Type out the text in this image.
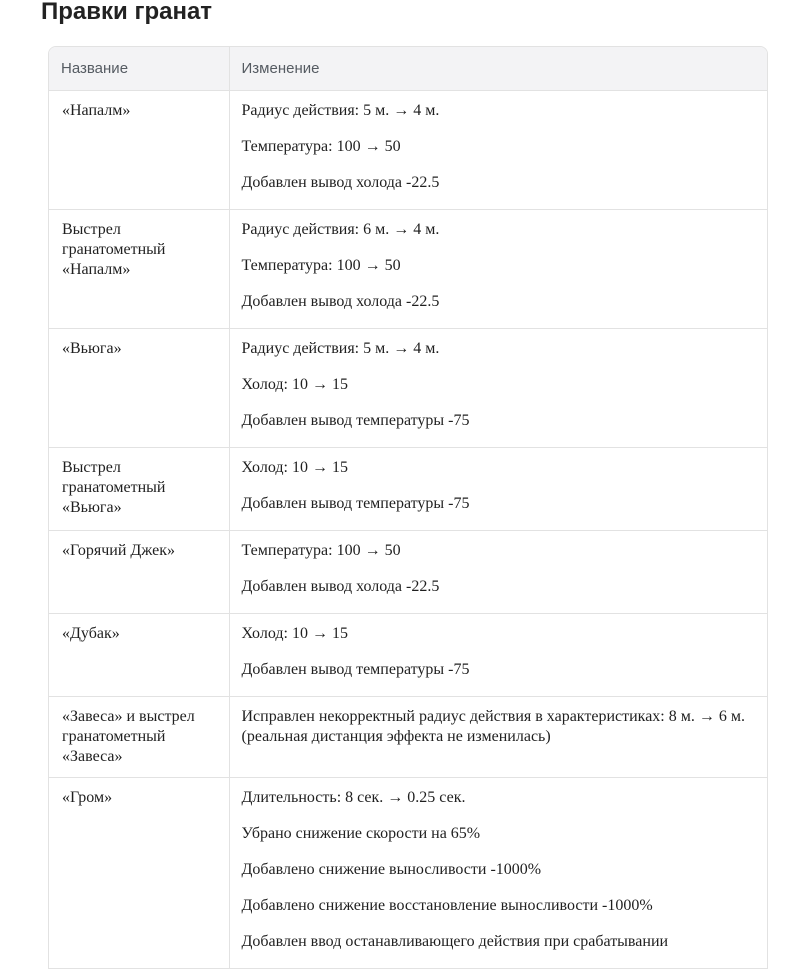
Правки гранат
Название	Изменение
«Напалм»	Радиус действия: 5 м. → 4 м.
Температура: 100 → 50
Добавлен вывод холода -22.5

Выстрел гранатометный «Напалм»	Радиус действия: 6 м. → 4 м.
Температура: 100 → 50
Добавлен вывод холода -22.5

«Вьюга»	Радиус действия: 5 м. → 4 м.
Холод: 10 → 15
Добавлен вывод температуры -75

Выстрел гранатометный «Вьюга»	Холод: 10 → 15
Добавлен вывод температуры -75

«Горячий Джек»	Температура: 100 → 50
Добавлен вывод холода -22.5

«Дубак»	Холод: 10 → 15
Добавлен вывод температуры -75

«Завеса» и выстрел гранатометный «Завеса»	Исправлен некорректный радиус действия в характеристиках: 8 м. → 6 м. (реальная дистанция эффекта не изменилась)

«Гром»	Длительность: 8 сек. → 0.25 сек.
Убрано снижение скорости на 65%
Добавлено снижение выносливости -1000%
Добавлено снижение восстановление выносливости -1000%
Добавлен ввод останавливающего действия при срабатывании
